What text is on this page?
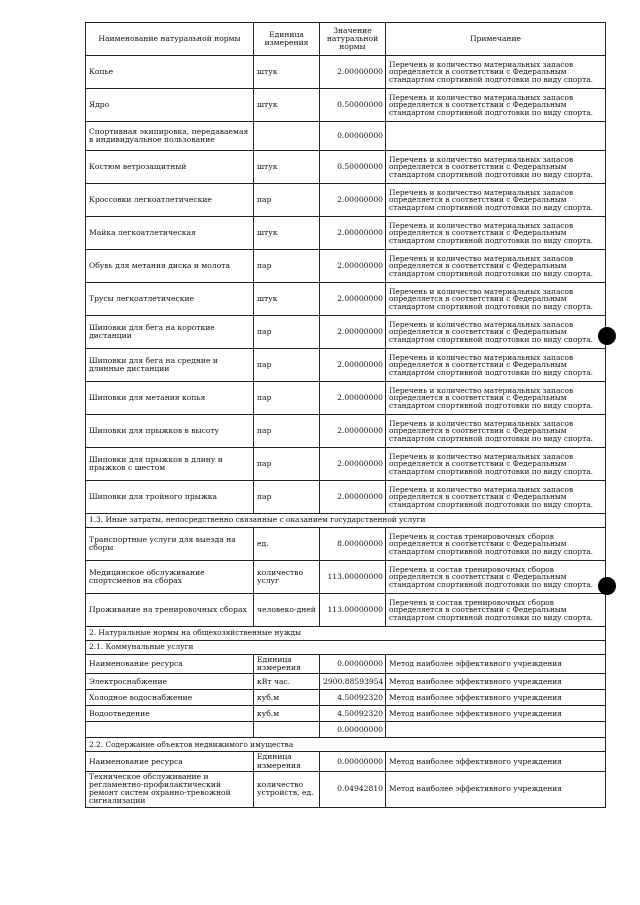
Наименование натуральной нормы	Единица измерения	Значение натуральной нормы	Примечание
Копье	штук	2.00000000	Перечень и количество материальных запасов определяется в соответствии с Федеральным стандартом спортивной подготовки по виду спорта.
Ядро	штук	0.50000000	Перечень и количество материальных запасов определяется в соответствии с Федеральным стандартом спортивной подготовки по виду спорта.
Спортивная экипировка, передаваемая в индивидуальное пользование		0.00000000	
Костюм ветрозащитный	штук	0.50000000	Перечень и количество материальных запасов определяется в соответствии с Федеральным стандартом спортивной подготовки по виду спорта.
Кроссовки легкоатлетические	пар	2.00000000	Перечень и количество материальных запасов определяется в соответствии с Федеральным стандартом спортивной подготовки по виду спорта.
Майка легкоатлетическая	штук	2.00000000	Перечень и количество материальных запасов определяется в соответствии с Федеральным стандартом спортивной подготовки по виду спорта.
Обувь для метания диска и молота	пар	2.00000000	Перечень и количество материальных запасов определяется в соответствии с Федеральным стандартом спортивной подготовки по виду спорта.
Трусы легкоатлетические	штук	2.00000000	Перечень и количество материальных запасов определяется в соответствии с Федеральным стандартом спортивной подготовки по виду спорта.
Шиповки для бега на короткие дистанции	пар	2.00000000	Перечень и количество материальных запасов определяется в соответствии с Федеральным стандартом спортивной подготовки по виду спорта.
Шиповки для бега на средние и длинные дистанции	пар	2.00000000	Перечень и количество материальных запасов определяется в соответствии с Федеральным стандартом спортивной подготовки по виду спорта.
Шиповки для метания копья	пар	2.00000000	Перечень и количество материальных запасов определяется в соответствии с Федеральным стандартом спортивной подготовки по виду спорта.
Шиповки для прыжков в высоту	пар	2.00000000	Перечень и количество материальных запасов определяется в соответствии с Федеральным стандартом спортивной подготовки по виду спорта.
Шиповки для прыжков в длину и прыжков с шестом	пар	2.00000000	Перечень и количество материальных запасов определяется в соответствии с Федеральным стандартом спортивной подготовки по виду спорта.
Шиповки для тройного прыжка	пар	2.00000000	Перечень и количество материальных запасов определяется в соответствии с Федеральным стандартом спортивной подготовки по виду спорта.
1.3. Иные затраты, непосредственно связанные с оказанием государственной услуги			
Транспортные услуги для выезда на сборы	ед.	8.00000000	Перечень и состав тренировочных сборов определяется в соответствии с Федеральным стандартом спортивной подготовки по виду спорта.
Медицинское обслуживание спортсменов на сборах	количество услуг	113.00000000	Перечень и состав тренировочных сборов определяется в соответствии с Федеральным стандартом спортивной подготовки по виду спорта.
Проживание на тренировочных сборах	человеко-дней	113.00000000	Перечень и состав тренировочных сборов определяется в соответствии с Федеральным стандартом спортивной подготовки по виду спорта.
2. Натуральные нормы на общехозяйственные нужды			
2.1. Коммунальные услуги			
Наименование ресурса	Единица измерения	0.00000000	Метод наиболее эффективного учреждения
Электроснабжение	кВт час.	2900.88593954	Метод наиболее эффективного учреждения
Холодное водоснабжение	куб.м	4.50092320	Метод наиболее эффективного учреждения
Водоотведение	куб.м	4.50092320	Метод наиболее эффективного учреждения
		0.00000000	
2.2. Содержание объектов недвижимого имущества			
Наименование ресурса	Единица измерения	0.00000000	Метод наиболее эффективного учреждения
Техническое обслуживание и регламентно-профилактический ремонт систем охранно-тревожной сигнализации	количество устройств, ед.	0.04942810	Метод наиболее эффективного учреждения
